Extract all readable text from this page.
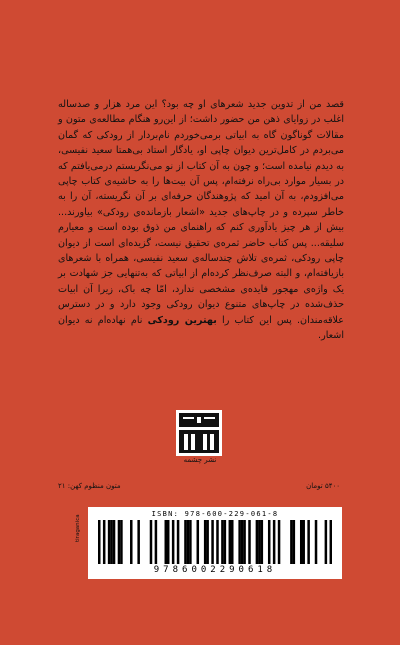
قصد من از تدوین جدید شعرهای او چه بود؟ این مرد هزار و صدساله اغلب در زوایای ذهن من حضور داشت؛ از این‌رو هنگام مطالعه‌ی متون و مقالات گوناگون گاه به ابیاتی برمی‌خوردم نام‌بردار از رودکی که گمان می‌بردم در کامل‌ترین دیوان چاپی او، یادگار استاد بی‌همتا سعید نفیسی، به دیدم نیامده است؛ و چون به آن کتاب از نو می‌نگریستم درمی‌یافتم که در بسیار موارد بی‌راه نرفته‌ام، پس آن بیت‌ها را به حاشیه‌ی کتاب چاپی می‌افزودم، به آن امید که پژوهندگان حرفه‌ای بر آن نگریسته، آن را به خاطر سپرده و در چاپ‌های جدید «اشعار بازمانده‌ی رودکی» بیاورند... بیش از هر چیز یادآوری کنم که راهنمای من ذوق بوده است و معیارم سلیقه... پس کتاب حاضر ثمره‌ی تحقیق نیست، گزیده‌ای است از دیوان چاپی رودکی، ثمره‌ی تلاش چندساله‌ی سعید نفیسی، همراه با شعرهای بازیافته‌ام، و البته صرف‌نظر کرده‌ام از ابیاتی که به‌تنهایی جز شهادت بر یک واژه‌ی مهجور فایده‌ی مشخصی ندارد، امّا چه باک، زیرا آن ابیات حذف‌شده در چاپ‌های متنوع دیوان رودکی وجود دارد و در دسترس علاقه‌مندان. پس این کتاب را بهترین رودکی نام نهاده‌ام نه دیوان اشعار.

نشر چشمه
۵۴۰۰ تومان
متون منظوم کهن: ۲۱
tiraganica
ISBN: 978-600-229-061-8
9786002290618
